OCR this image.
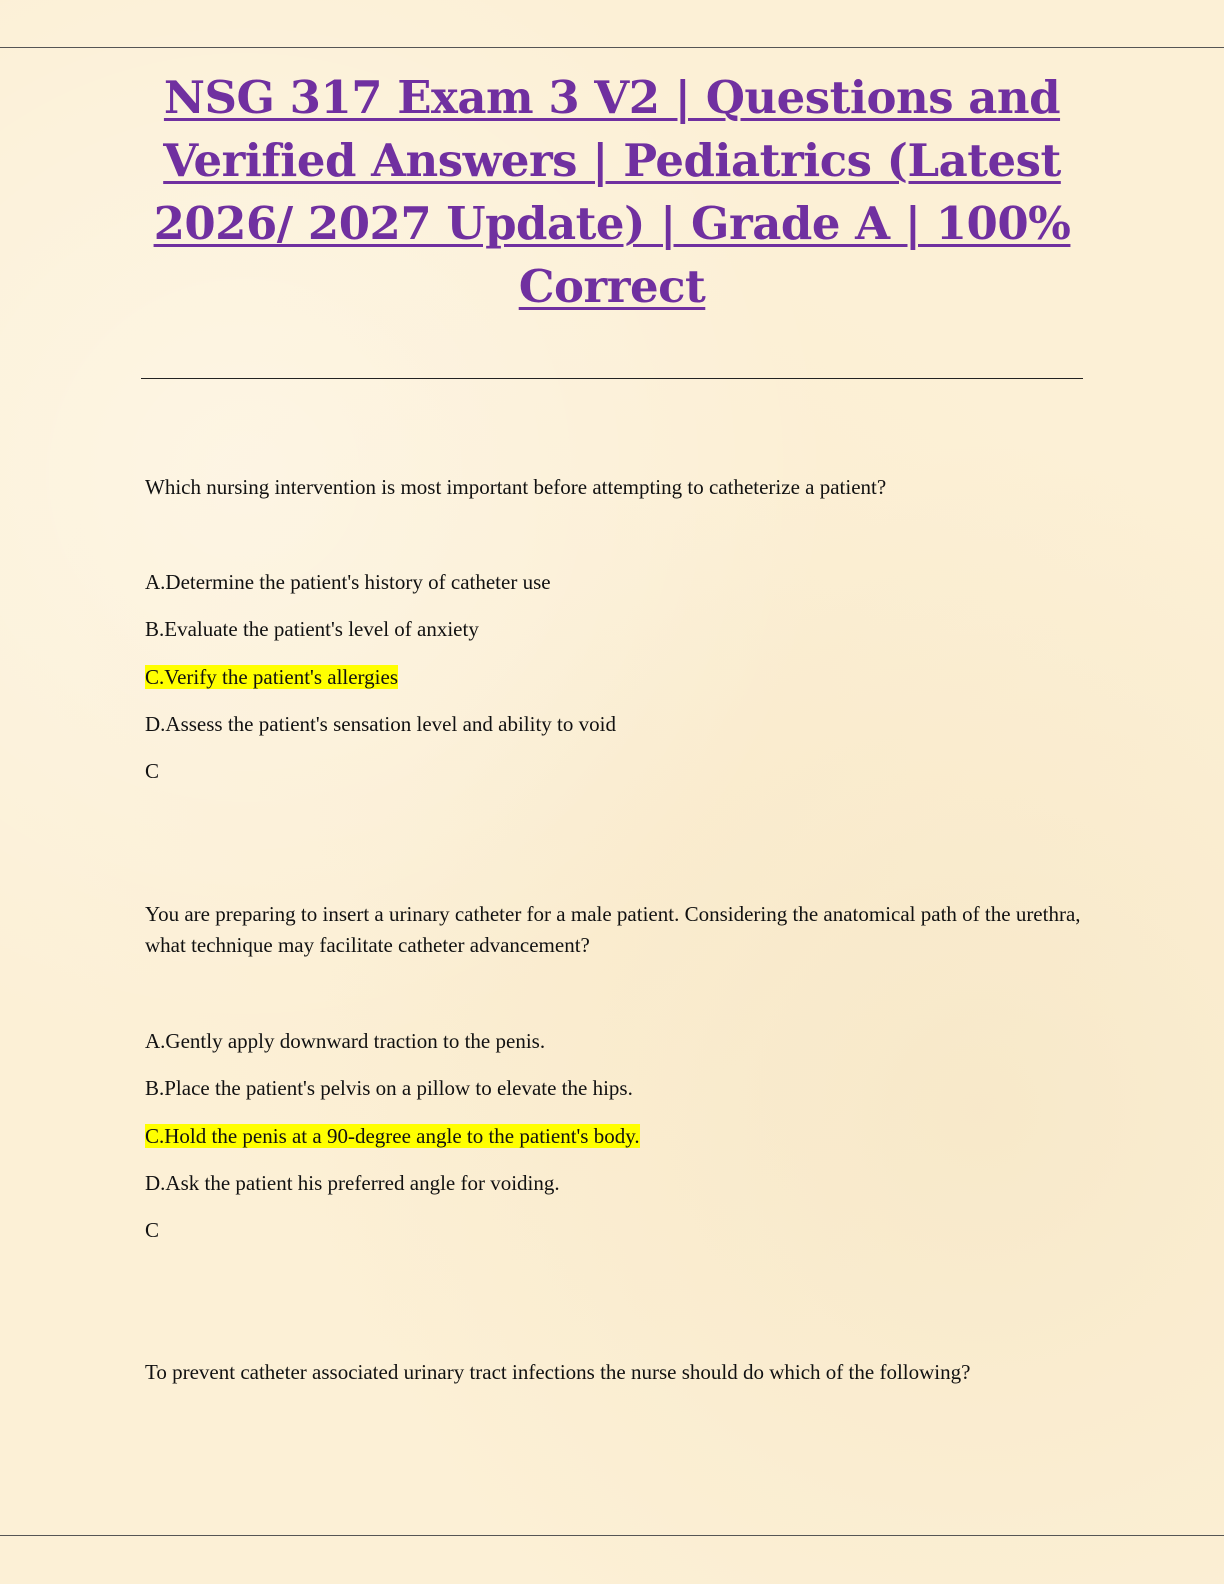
NSG 317 Exam 3 V2 | Questions and Verified Answers | Pediatrics (Latest 2026/ 2027 Update) | Grade A | 100% Correct

Which nursing intervention is most important before attempting to catheterize a patient?

A.Determine the patient's history of catheter use

B.Evaluate the patient's level of anxiety

C.Verify the patient's allergies

D.Assess the patient's sensation level and ability to void

C

You are preparing to insert a urinary catheter for a male patient. Considering the anatomical path of the urethra, what technique may facilitate catheter advancement?

A.Gently apply downward traction to the penis.

B.Place the patient's pelvis on a pillow to elevate the hips.

C.Hold the penis at a 90-degree angle to the patient's body.

D.Ask the patient his preferred angle for voiding.

C

To prevent catheter associated urinary tract infections the nurse should do which of the following?
